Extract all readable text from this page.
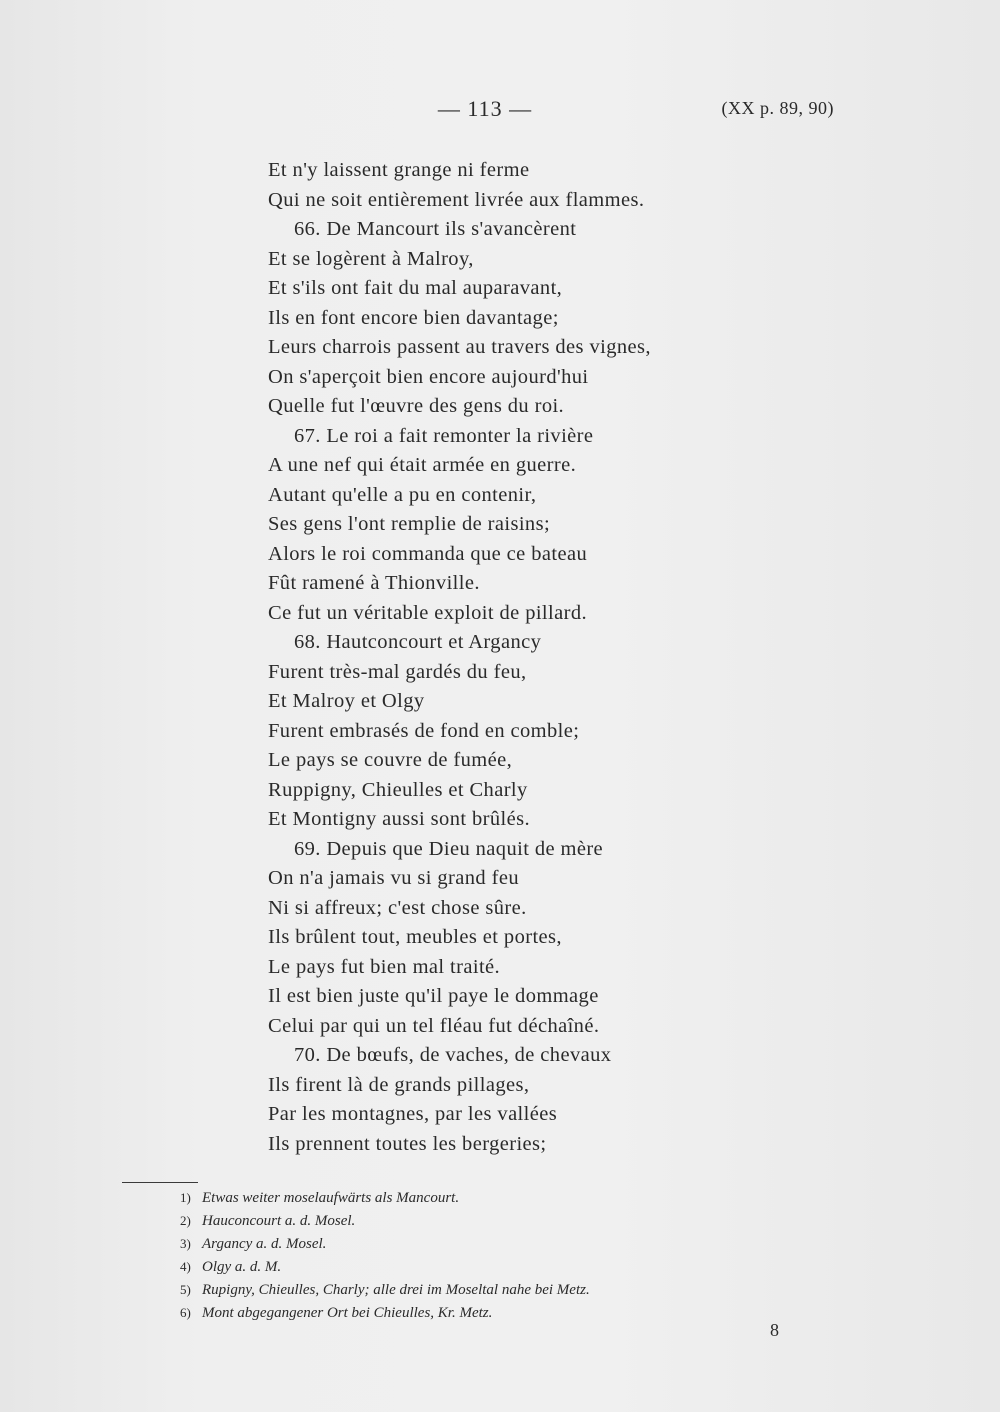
— 113 —	(XX p. 89, 90)
Et n'y laissent grange ni ferme
Qui ne soit entièrement livrée aux flammes.
66. De Mancourt ils s'avancèrent
Et se logèrent à Malroy,
Et s'ils ont fait du mal auparavant,
Ils en font encore bien davantage;
Leurs charrois passent au travers des vignes,
On s'aperçoit bien encore aujourd'hui
Quelle fut l'œuvre des gens du roi.
67. Le roi a fait remonter la rivière
A une nef qui était armée en guerre.
Autant qu'elle a pu en contenir,
Ses gens l'ont remplie de raisins;
Alors le roi commanda que ce bateau
Fût ramené à Thionville.
Ce fut un véritable exploit de pillard.
68. Hautconcourt et Argancy
Furent très-mal gardés du feu,
Et Malroy et Olgy
Furent embrasés de fond en comble;
Le pays se couvre de fumée,
Ruppigny, Chieulles et Charly
Et Montigny aussi sont brûlés.
69. Depuis que Dieu naquit de mère
On n'a jamais vu si grand feu
Ni si affreux; c'est chose sûre.
Ils brûlent tout, meubles et portes,
Le pays fut bien mal traité.
Il est bien juste qu'il paye le dommage
Celui par qui un tel fléau fut déchaîné.
70. De bœufs, de vaches, de chevaux
Ils firent là de grands pillages,
Par les montagnes, par les vallées
Ils prennent toutes les bergeries;
1) Etwas weiter moselaufwärts als Mancourt.
2) Hauconcourt a. d. Mosel.
3) Argancy a. d. Mosel.
4) Olgy a. d. M.
5) Rupigny, Chieulles, Charly; alle drei im Moseltal nahe bei Metz.
6) Mont abgegangener Ort bei Chieulles, Kr. Metz.
8
